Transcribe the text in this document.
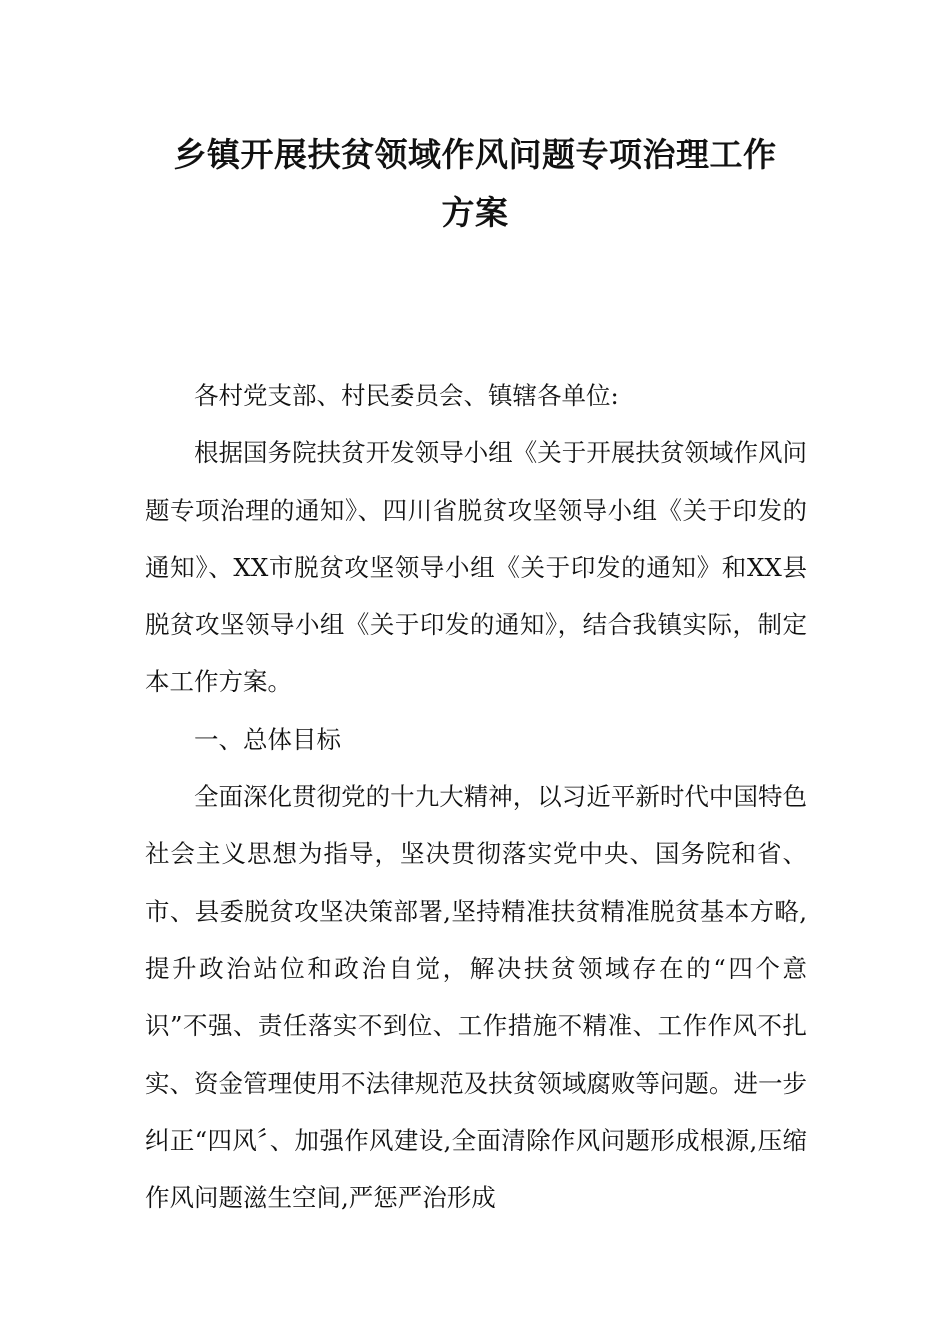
乡镇开展扶贫领域作风问题专项治理工作
方案

各村党支部、村民委员会、镇辖各单位:

根据国务院扶贫开发领导小组《关于开展扶贫领域作风问题专项治理的通知》、四川省脱贫攻坚领导小组《关于印发的通知》、XX市脱贫攻坚领导小组《关于印发的通知》和XX县脱贫攻坚领导小组《关于印发的通知》，结合我镇实际，制定本工作方案。

一、总体目标

全面深化贯彻党的十九大精神，以习近平新时代中国特色社会主义思想为指导，坚决贯彻落实党中央、国务院和省、市、县委脱贫攻坚决策部署,坚持精准扶贫精准脱贫基本方略,提升政治站位和政治自觉，解决扶贫领域存在的“四个意识”不强、责任落实不到位、工作措施不精准、工作作风不扎实、资金管理使用不法律规范及扶贫领域腐败等问题。进一步纠正“四风〞、加强作风建设,全面清除作风问题形成根源,压缩作风问题滋生空间,严惩严治形成
